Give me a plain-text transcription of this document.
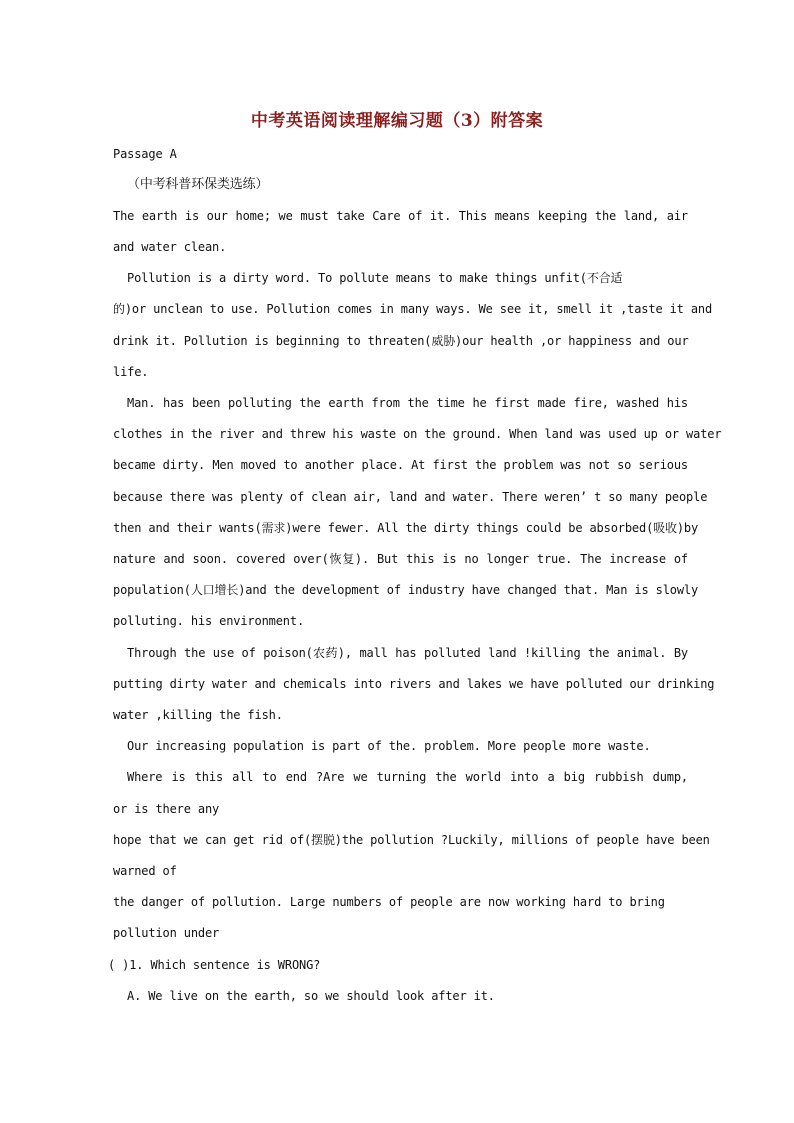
中考英语阅读理解编习题（3）附答案
Passage A
（中考科普环保类选练）
The earth is our home; we must take Care of it. This means keeping the land, air
and water clean.
Pollution is a dirty word. To pollute means to make things unfit(不合适
的)or unclean to use. Pollution comes in many ways. We see it, smell it ,taste it and
drink it. Pollution is beginning to threaten(威胁)our health ,or happiness and our
life.
Man. has been polluting the earth from the time he first made fire, washed his
clothes in the river and threw his waste on the ground. When land was used up or water
became dirty. Men moved to another place. At first the problem was not so serious
because there was plenty of clean air, land and water. There weren’ t so many people
then and their wants(需求)were fewer. All the dirty things could be absorbed(吸收)by
nature and soon. covered over(恢复). But this is no longer true. The increase of
population(人口增长)and the development of industry have changed that. Man is slowly
polluting. his environment.
Through the use of poison(农药), mall has polluted land !killing the animal. By
putting dirty water and chemicals into rivers and lakes we have polluted our drinking
water ,killing the fish.
Our increasing population is part of the. problem. More people more waste.
Where is this all to end ?Are we turning the world into a big rubbish dump,
or is there any
hope that we can get rid of(摆脱)the pollution ?Luckily, millions of people have been
warned of
the danger of pollution. Large numbers of people are now working hard to bring
pollution under
( )1. Which sentence is WRONG?
A. We live on the earth, so we should look after it.
